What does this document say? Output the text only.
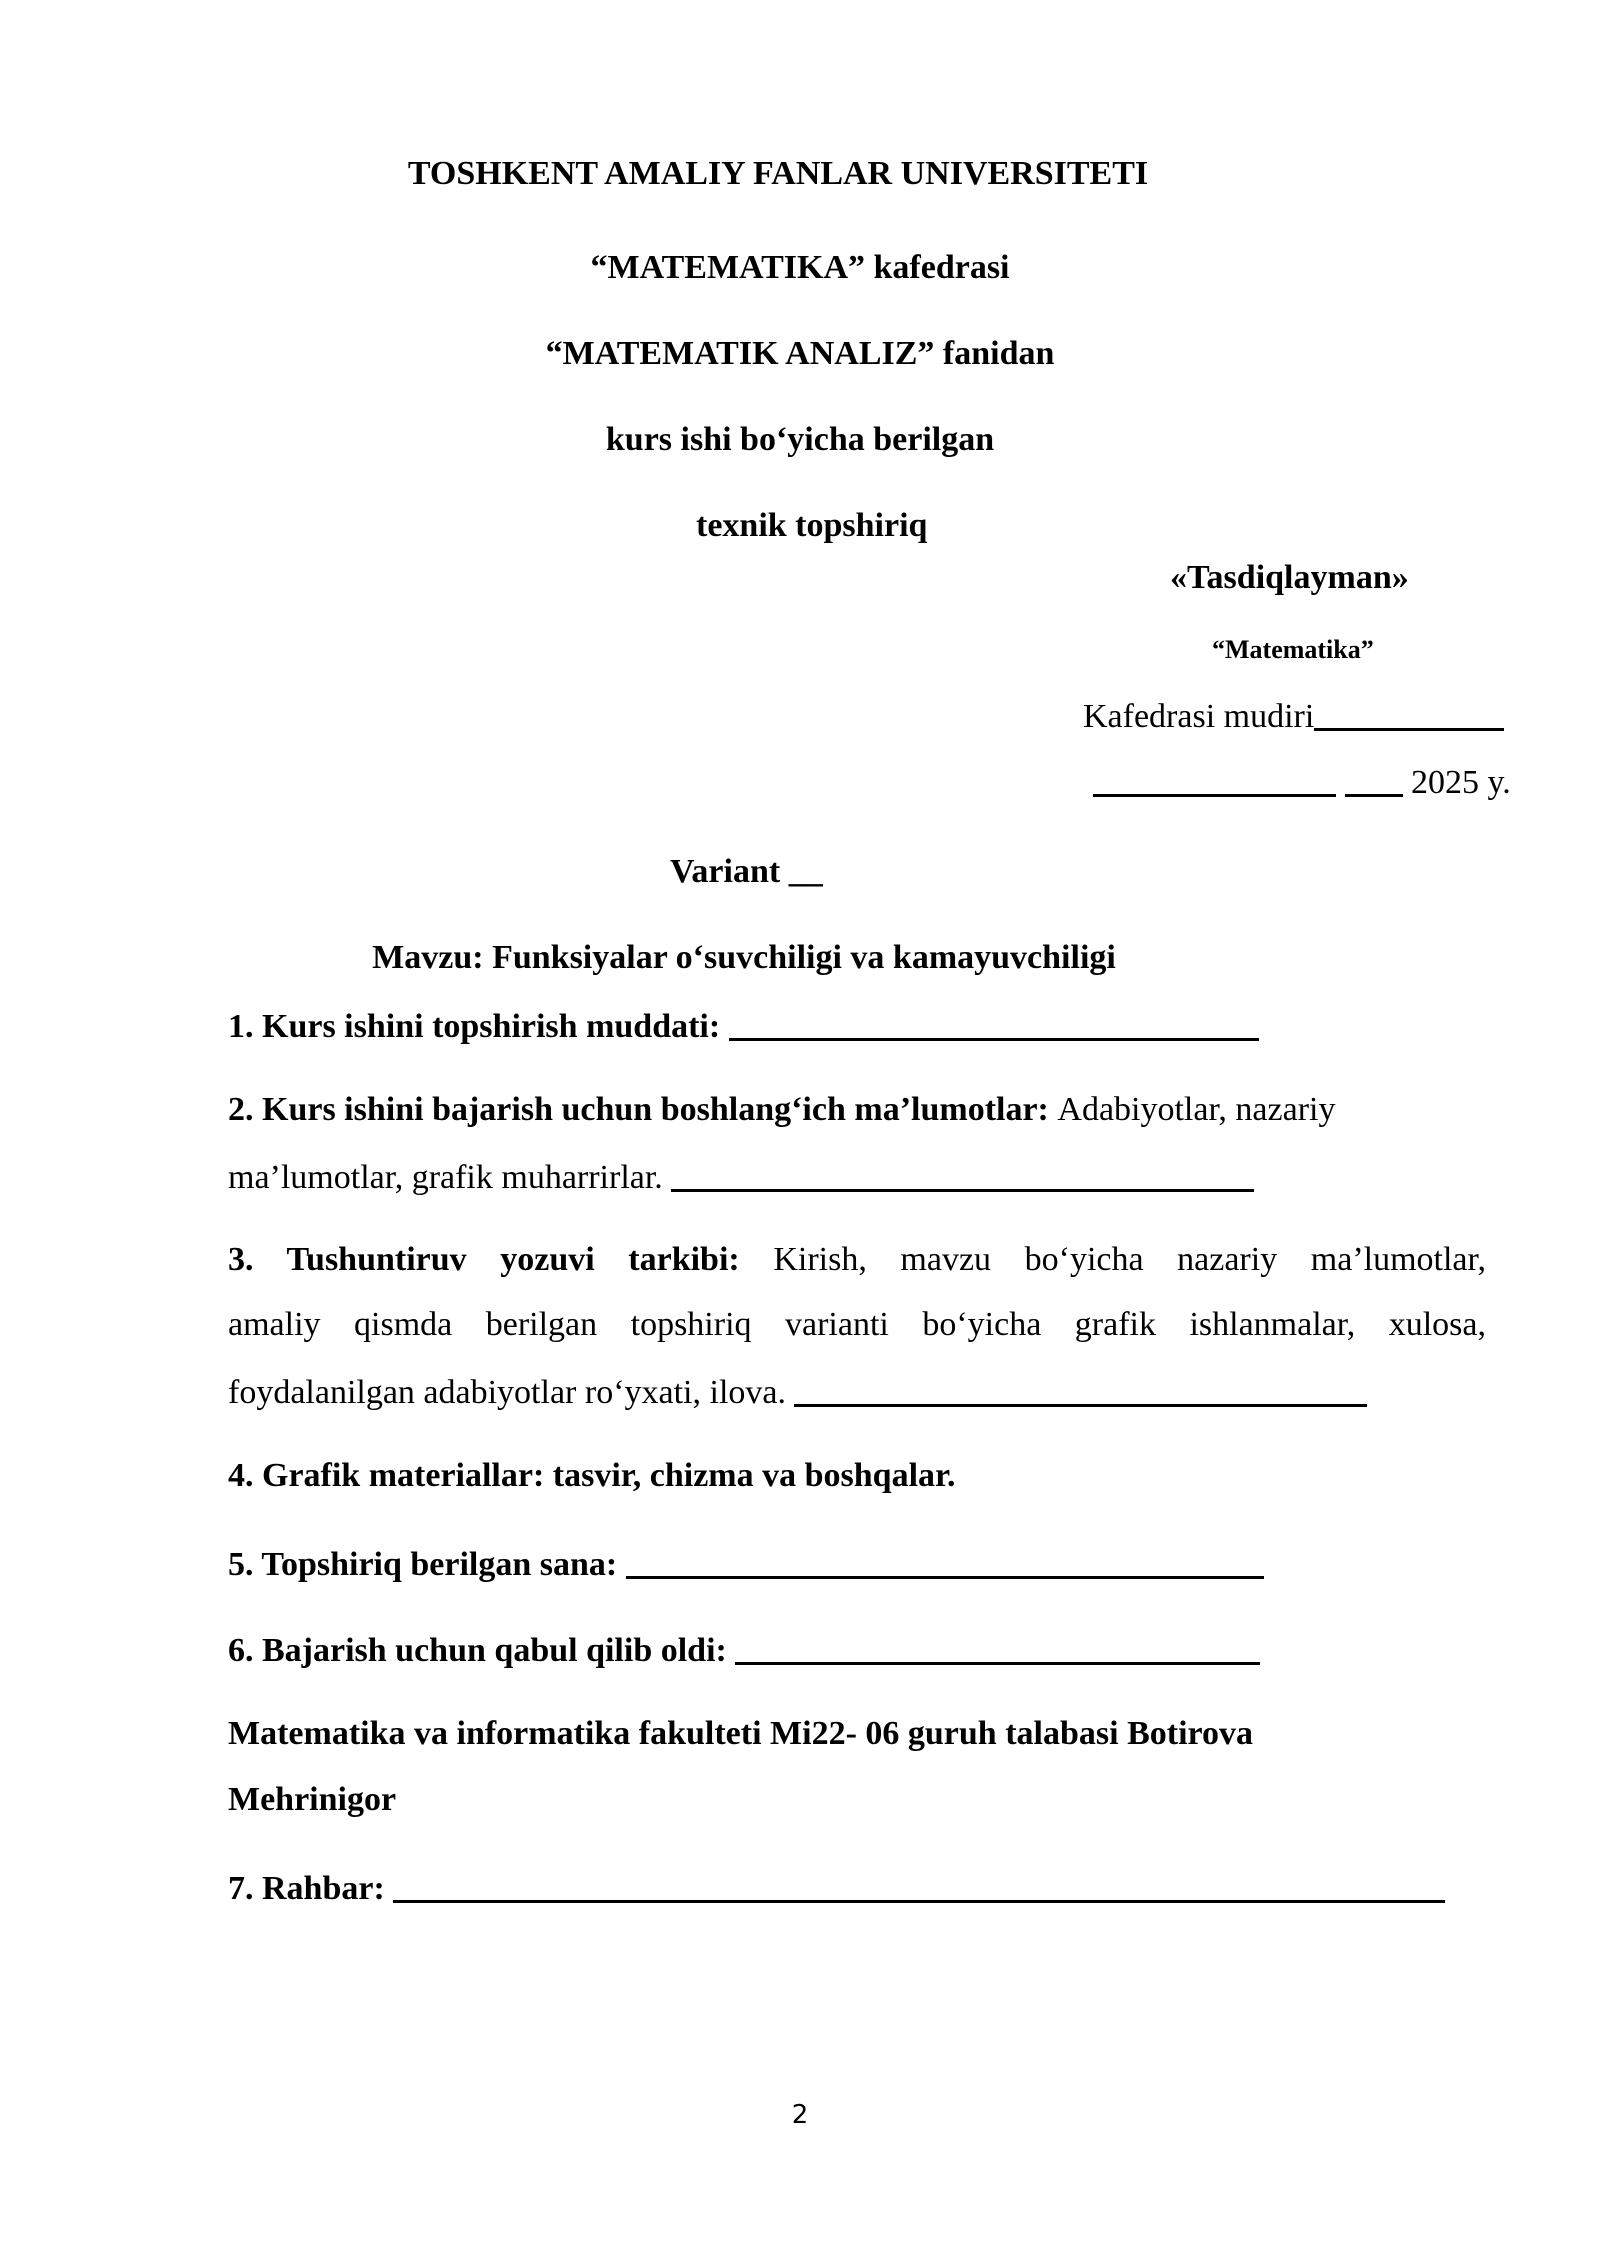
TOSHKENT AMALIY FANLAR UNIVERSITETI
“MATEMATIKA” kafedrasi
“MATEMATIK ANALIZ” fanidan
kurs ishi bo‘yicha berilgan
texnik topshiriq
«Tasdiqlayman»
“Matematika”
Kafedrasi mudiri
2025 y.
Variant __
Mavzu: Funksiyalar o‘suvchiligi va kamayuvchiligi
1. Kurs ishini topshirish muddati:
2. Kurs ishini bajarish uchun boshlang‘ich ma’lumotlar: Adabiyotlar, nazariy
ma’lumotlar, grafik muharrirlar.
3. Tushuntiruv yozuvi tarkibi: Kirish, mavzu bo‘yicha nazariy ma’lumotlar,
amaliy qismda berilgan topshiriq varianti bo‘yicha grafik ishlanmalar, xulosa,
foydalanilgan adabiyotlar ro‘yxati, ilova.
4. Grafik materiallar: tasvir, chizma va boshqalar.
5. Topshiriq berilgan sana:
6. Bajarish uchun qabul qilib oldi:
Matematika va informatika fakulteti Mi22- 06 guruh talabasi Botirova
Mehrinigor
7. Rahbar:
2
